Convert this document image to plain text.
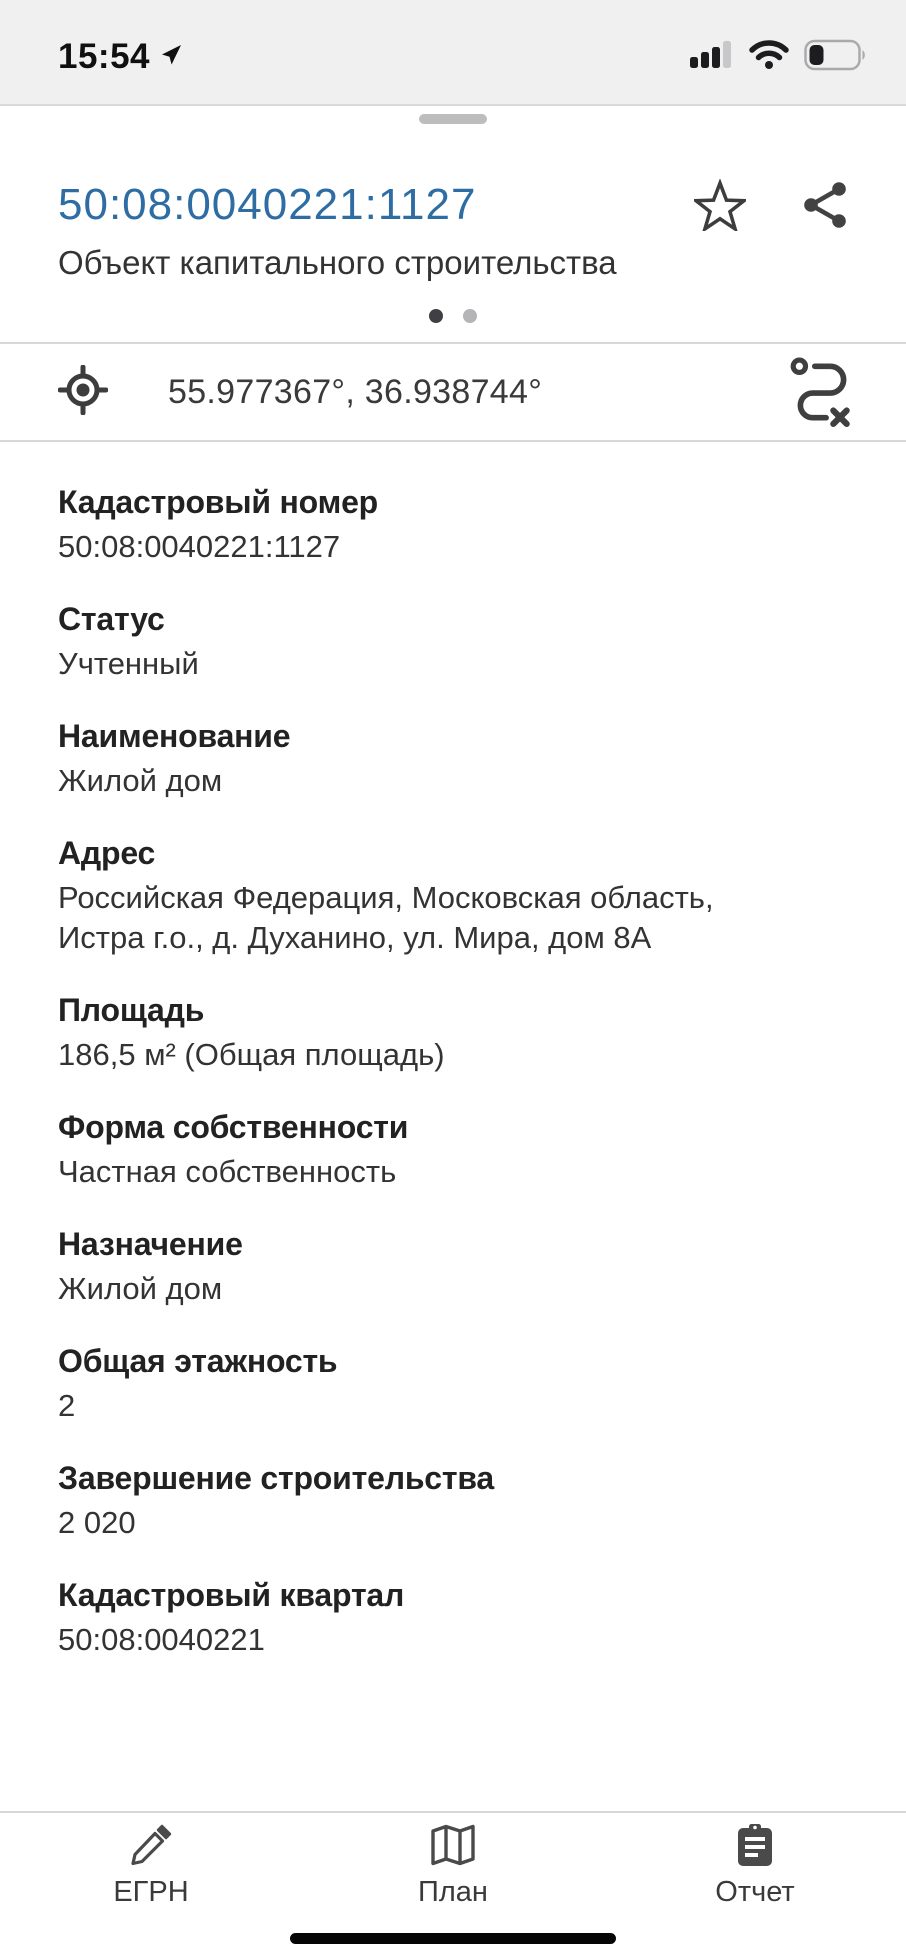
15:54
50:08:0040221:1127
Объект капитального строительства
55.977367°, 36.938744°
Кадастровый номер
50:08:0040221:1127
Статус
Учтенный
Наименование
Жилой дом
Адрес
Российская Федерация, Московская область, Истра г.о., д. Духанино, ул. Мира, дом 8А
Площадь
186,5 м² (Общая площадь)
Форма собственности
Частная собственность
Назначение
Жилой дом
Общая этажность
2
Завершение строительства
2 020
Кадастровый квартал
50:08:0040221
ЕГРН	План	Отчет
